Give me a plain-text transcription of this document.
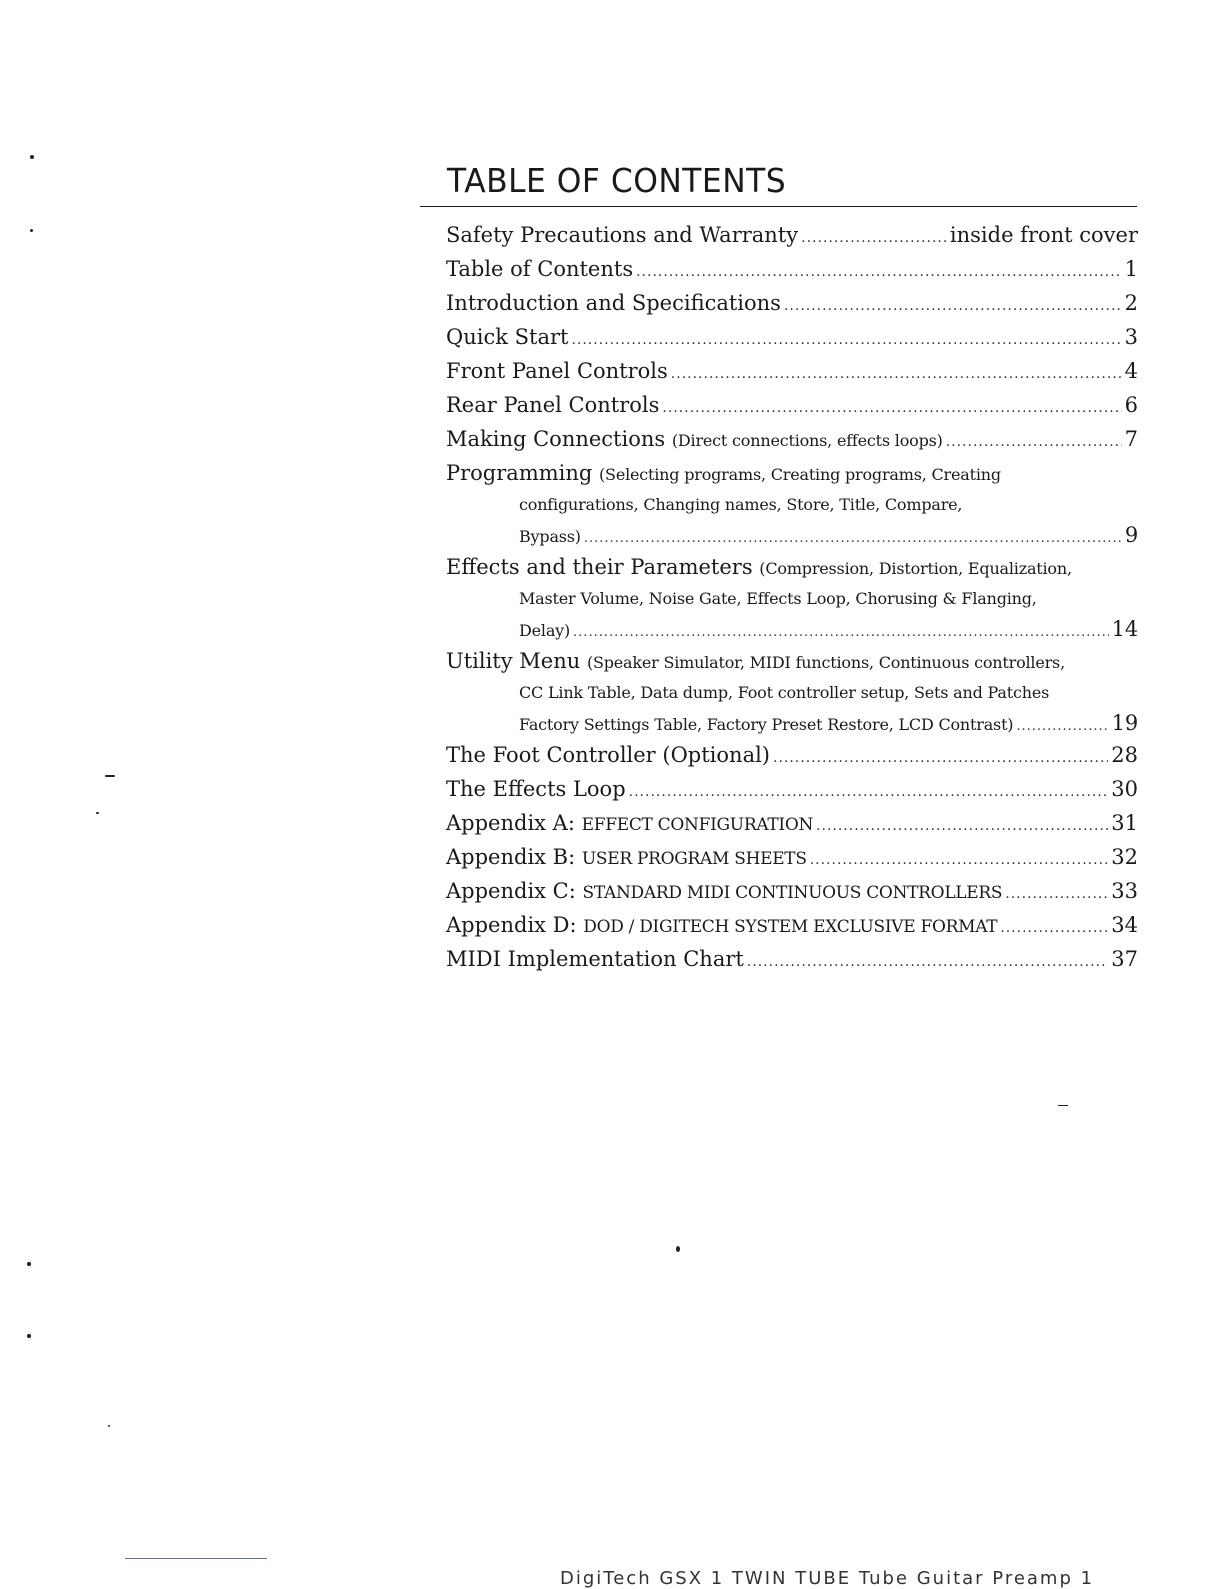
TABLE OF CONTENTS
Safety Precautions and Warranty .....	inside front cover
Table of Contents .....	1
Introduction and Specifications .....	2
Quick Start .....	3
Front Panel Controls .....	4
Rear Panel Controls .....	6
Making Connections
(Direct connections, effects loops) .....	7
Programming
(Selecting programs, Creating programs, Creating
configurations, Changing names, Store, Title, Compare,
Bypass) .....	9
Effects and their Parameters
(Compression, Distortion, Equalization,
Master Volume, Noise Gate, Effects Loop, Chorusing & Flanging,
Delay) .....	14
Utility Menu
(Speaker Simulator, MIDI functions, Continuous controllers,
CC Link Table, Data dump, Foot controller setup, Sets and Patches
Factory Settings Table, Factory Preset Restore, LCD Contrast) .....	19
The Foot Controller (Optional) .....	28
The Effects Loop .....	30
Appendix A:
EFFECT CONFIGURATION .....	31
Appendix B:
USER PROGRAM SHEETS .....	32
Appendix C:
STANDARD MIDI CONTINUOUS CONTROLLERS .....	33
Appendix D:
DOD / DIGITECH SYSTEM EXCLUSIVE FORMAT .....	34
MIDI Implementation Chart .....	37
DigiTech GSX 1 TWIN TUBE Tube Guitar Preamp 1
